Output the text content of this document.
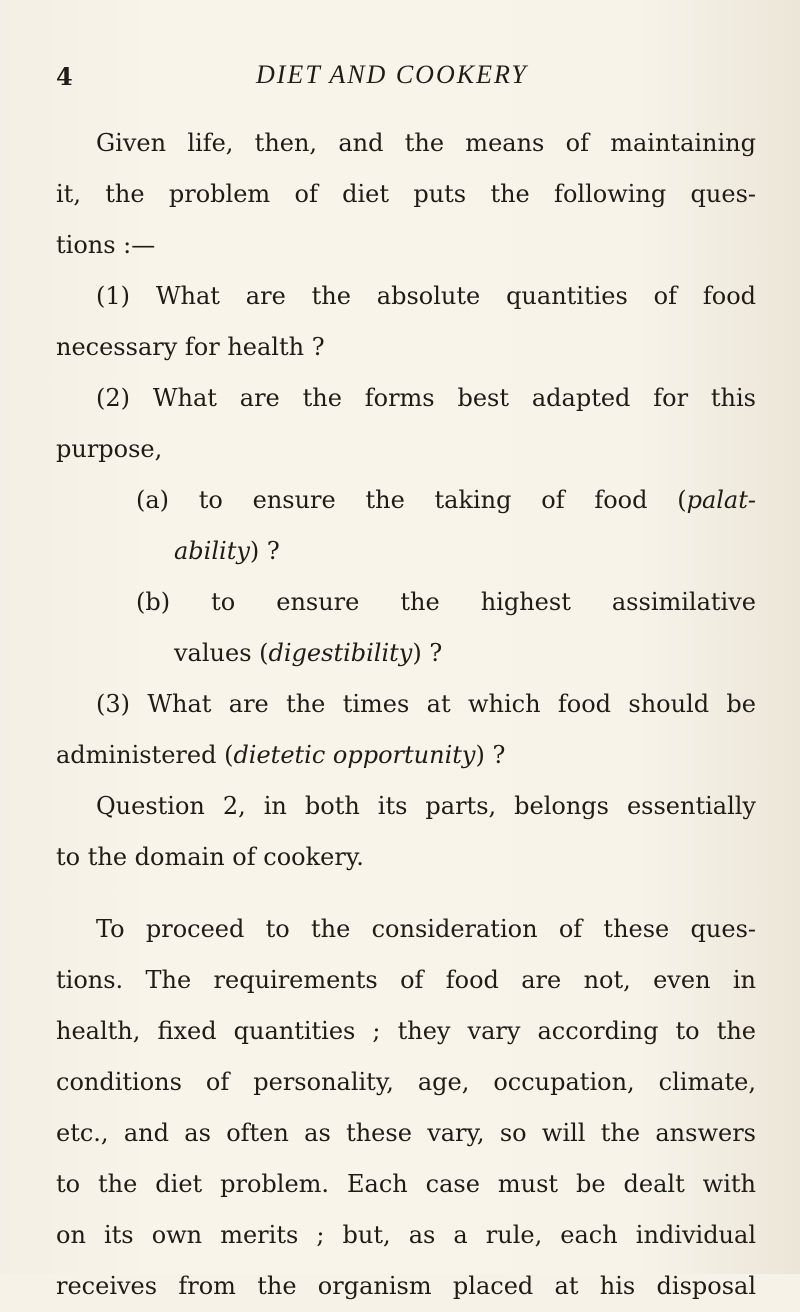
4	DIET AND COOKERY
Given life, then, and the means of maintaining
it, the problem of diet puts the following ques-
tions :—
(1) What are the absolute quantities of food
necessary for health ?
(2) What are the forms best adapted for this
purpose,
(a) to ensure the taking of food (palat-
ability) ?
(b) to ensure the highest assimilative
values (digestibility) ?
(3) What are the times at which food should be
administered (dietetic opportunity) ?
Question 2, in both its parts, belongs essentially
to the domain of cookery.
To proceed to the consideration of these ques-
tions. The requirements of food are not, even in
health, fixed quantities ; they vary according to the
conditions of personality, age, occupation, climate,
etc., and as often as these vary, so will the answers
to the diet problem. Each case must be dealt with
on its own merits ; but, as a rule, each individual
receives from the organism placed at his disposal
